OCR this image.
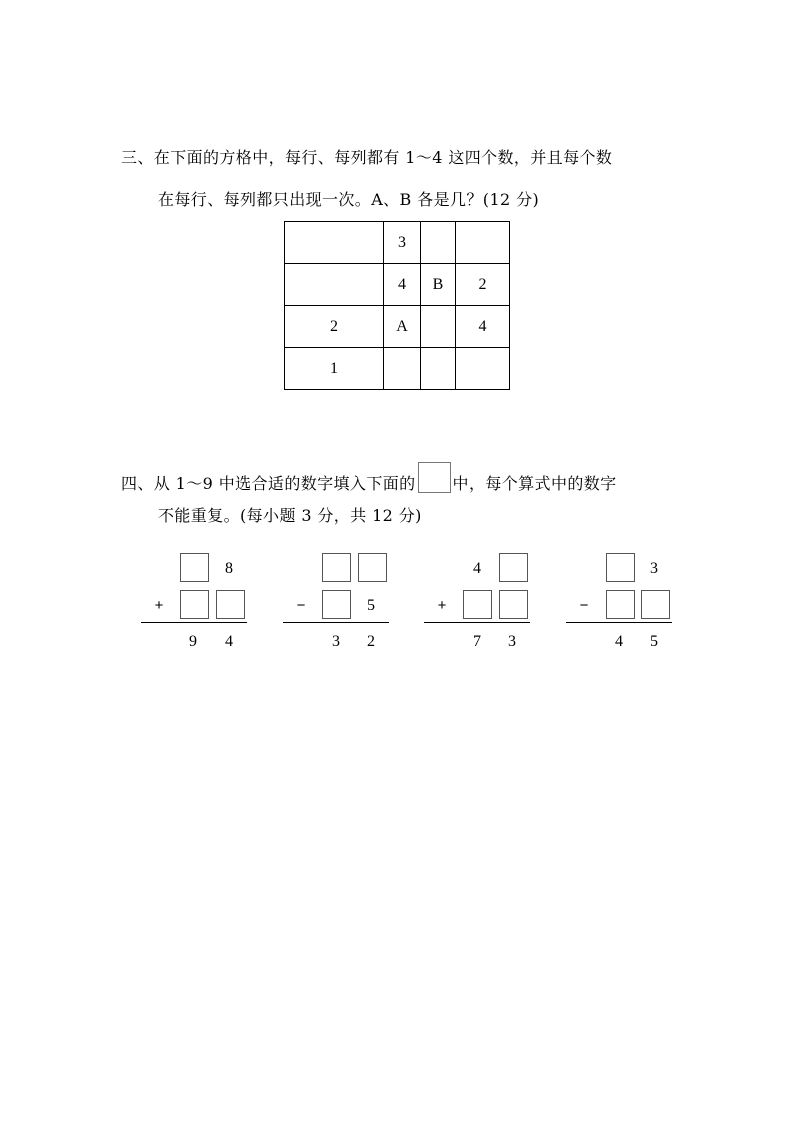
三、在下面的方格中，每行、每列都有 1～4 这四个数，并且每个数
在每行、每列都只出现一次。A、B 各是几？(12 分)
	3		
	4	B	2
2	A		4
1			
四、从 1～9 中选合适的数字填入下面的 中，每个算式中的数字
不能重复。(每小题 3 分，共 12 分)
8
+
9	4
−	5
3	2
4
+
7	3
3
−
4	5
